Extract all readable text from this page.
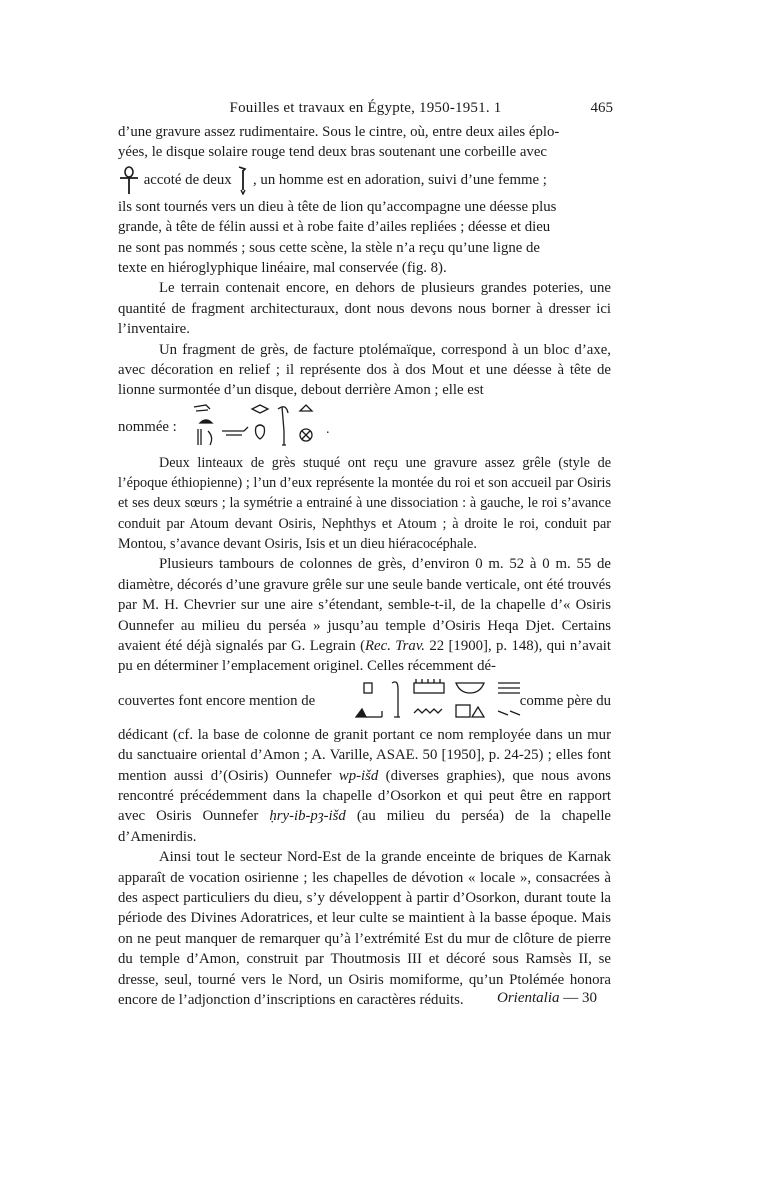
Fouilles et travaux en Égypte, 1950-1951. 1	465

d’une gravure assez rudimentaire. Sous le cintre, où, entre deux ailes éplo-
yées, le disque solaire rouge tend deux bras soutenant une corbeille avec
accoté de deux , un homme est en adoration, suivi d’une femme ;
ils sont tournés vers un dieu à tête de lion qu’accompagne une déesse plus
grande, à tête de félin aussi et à robe faite d’ailes repliées ; déesse et dieu
ne sont pas nommés ; sous cette scène, la stèle n’a reçu qu’une ligne de
texte en hiéroglyphique linéaire, mal conservée (fig. 8).

Le terrain contenait encore, en dehors de plusieurs grandes poteries, une quantité de fragment architecturaux, dont nous devons nous borner à dresser ici l’inventaire.

Un fragment de grès, de facture ptolémaïque, correspond à un bloc d’axe, avec décoration en relief ; il représente dos à dos Mout et une déesse à tête de lionne surmontée d’un disque, debout derrière Amon ; elle est

nommée :	.

Deux linteaux de grès stuqué ont reçu une gravure assez grêle (style de l’époque éthiopienne) ; l’un d’eux représente la montée du roi et son accueil par Osiris et ses deux sœurs ; la symétrie a entrainé à une dissociation : à gauche, le roi s’avance conduit par Atoum devant Osiris, Nephthys et Atoum ; à droite le roi, conduit par Montou, s’avance devant Osiris, Isis et un dieu hiéracocéphale.

Plusieurs tambours de colonnes de grès, d’environ 0 m. 52 à 0 m. 55 de diamètre, décorés d’une gravure grêle sur une seule bande verticale, ont été trouvés par M. H. Chevrier sur une aire s’étendant, semble-t-il, de la chapelle d’« Osiris Ounnefer au milieu du perséa » jusqu’au temple d’Osiris Heqa Djet. Certains avaient été déjà signalés par G. Legrain (Rec. Trav. 22 [1900], p. 148), qui n’avait pu en déterminer l’emplacement originel. Celles récemment dé-

couvertes font encore mention de	comme père du

dédicant (cf. la base de colonne de granit portant ce nom remployée dans un mur du sanctuaire oriental d’Amon ; A. Varille, ASAE. 50 [1950], p. 24-25) ; elles font mention aussi d’(Osiris) Ounnefer wp-išd (diverses graphies), que nous avons rencontré précédemment dans la chapelle d’Osorkon et qui peut être en rapport avec Osiris Ounnefer ḥry-ib-pȝ-išd (au milieu du perséa) de la chapelle d’Amenirdis.

Ainsi tout le secteur Nord-Est de la grande enceinte de briques de Karnak apparaît de vocation osirienne ; les chapelles de dévotion « locale », consacrées à des aspect particuliers du dieu, s’y développent à partir d’Osorkon, durant toute la période des Divines Adoratrices, et leur culte se maintient à la basse époque. Mais on ne peut manquer de remarquer qu’à l’extrémité Est du mur de clôture de pierre du temple d’Amon, construit par Thoutmosis III et décoré sous Ramsès II, se dresse, seul, tourné vers le Nord, un Osiris momiforme, qu’un Ptolémée honora encore de l’adjonction d’inscriptions en caractères réduits.	Orientalia — 30
